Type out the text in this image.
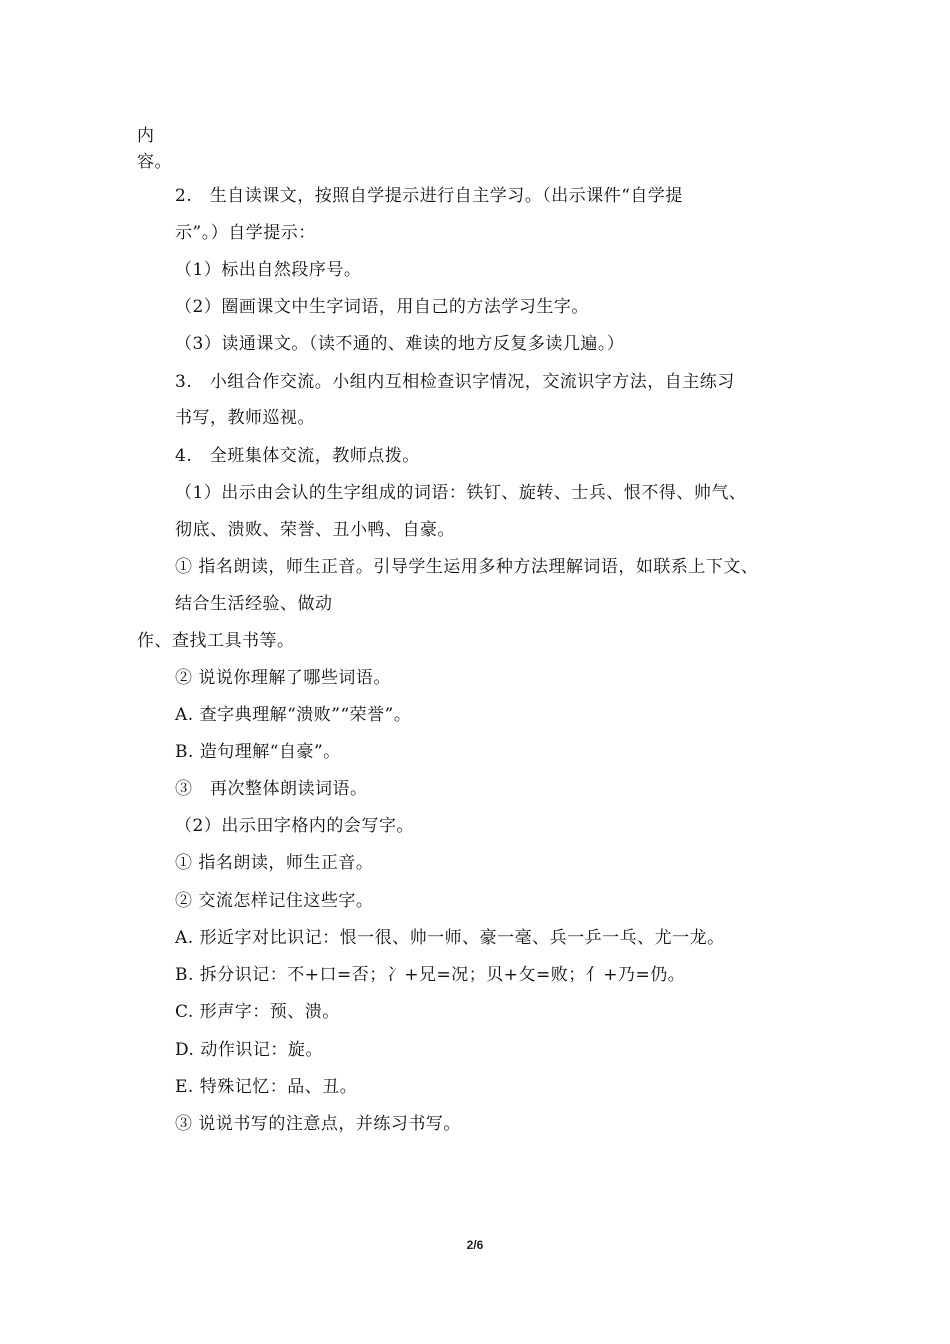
内
容。
2.　生自读课文，按照自学提示进行自主学习。（出示课件“自学提
示”。）自学提示：
（1）标出自然段序号。
（2）圈画课文中生字词语，用自己的方法学习生字。
（3）读通课文。（读不通的、难读的地方反复多读几遍。）
3.　小组合作交流。小组内互相检查识字情况，交流识字方法，自主练习
书写，教师巡视。
4.　全班集体交流，教师点拨。
（1）出示由会认的生字组成的词语：铁钉、旋转、士兵、恨不得、帅气、
彻底、溃败、荣誉、丑小鸭、自豪。
① 指名朗读，师生正音。引导学生运用多种方法理解词语，如联系上下文、
结合生活经验、做动
作、查找工具书等。
② 说说你理解了哪些词语。
A. 查字典理解“溃败”“荣誉”。
B. 造句理解“自豪”。
③　再次整体朗读词语。
（2）出示田字格内的会写字。
① 指名朗读，师生正音。
② 交流怎样记住这些字。
A. 形近字对比识记：恨一很、帅一师、豪一毫、兵一乒一乓、尤一龙。
B. 拆分识记：不+口=否；冫+兄=况；贝+攵=败；亻+乃=仍。
C. 形声字：预、溃。
D. 动作识记：旋。
E. 特殊记忆：品、丑。
③ 说说书写的注意点，并练习书写。
2/6
